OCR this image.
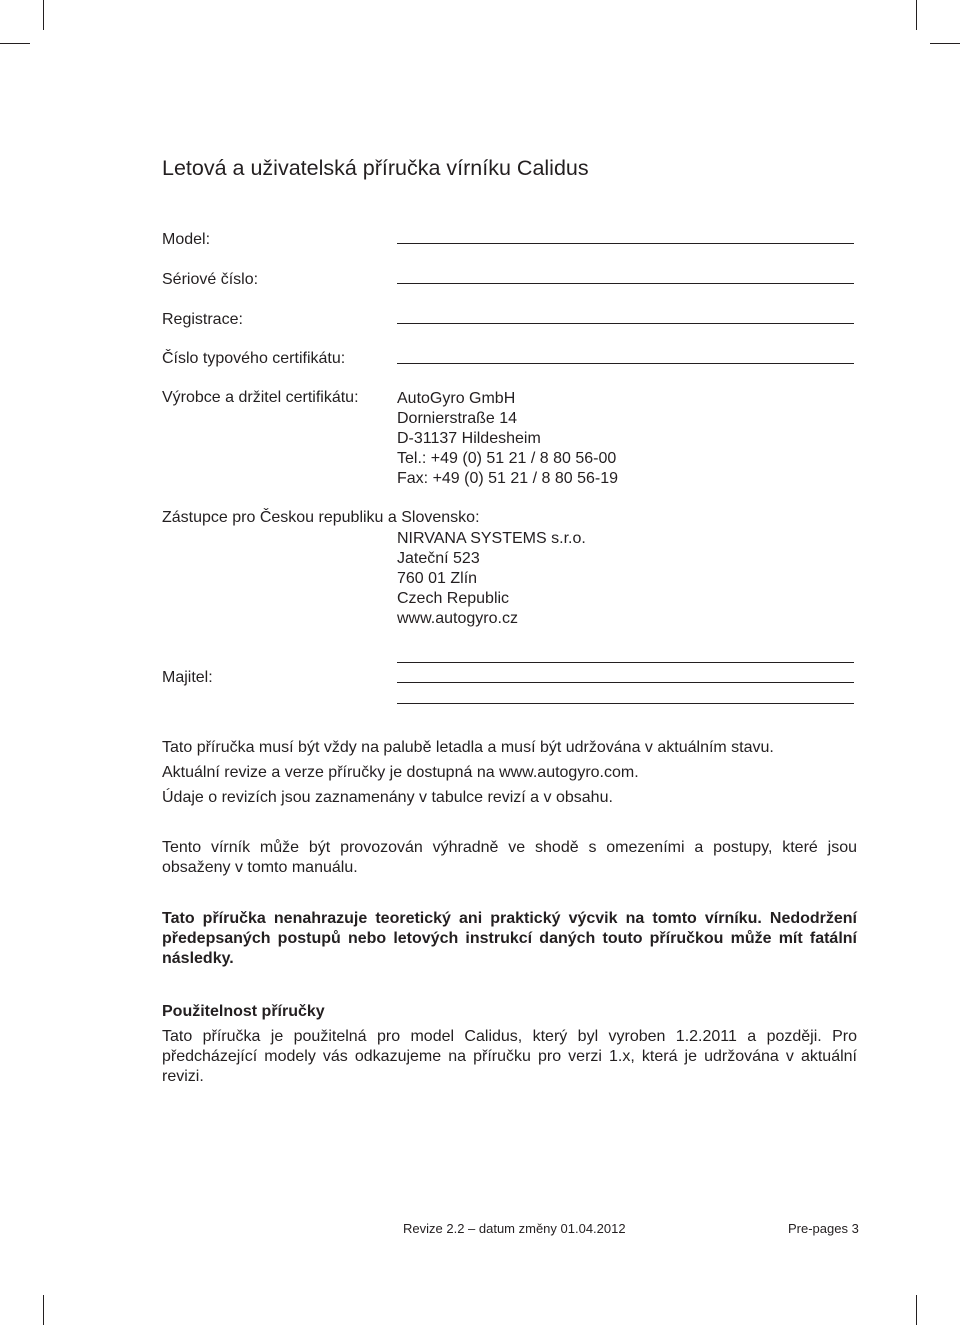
Letová a uživatelská příručka vírníku Calidus
Model:
Sériové číslo:
Registrace:
Číslo typového certifikátu:
Výrobce a držitel certifikátu: AutoGyro GmbH
Dornierstraße 14
D-31137 Hildesheim
Tel.: +49 (0) 51 21 / 8 80 56-00
Fax: +49 (0) 51 21 / 8 80 56-19
Zástupce pro Českou republiku a Slovensko:
NIRVANA SYSTEMS s.r.o.
Jateční 523
760 01 Zlín
Czech Republic
www.autogyro.cz
Majitel:

Tato příručka musí být vždy na palubě letadla a musí být udržována v aktuálním stavu.

Aktuální revize a verze příručky je dostupná na www.autogyro.com.

Údaje o revizích jsou zaznamenány v tabulce revizí a v obsahu.

Tento vírník může být provozován výhradně ve shodě s omezeními a postupy, které jsou obsaženy v tomto manuálu.
Tato příručka nenahrazuje teoretický ani praktický výcvik na tomto vírníku. Nedodržení předepsaných postupů nebo letových instrukcí daných touto příručkou může mít fatální následky.
Použitelnost příručky
Tato příručka je použitelná pro model Calidus, který byl vyroben 1.2.2011 a později. Pro předcházející modely vás odkazujeme na příručku pro verzi 1.x, která je udržována v aktuální revizi.
Revize 2.2 – datum změny 01.04.2012	Pre-pages 3
